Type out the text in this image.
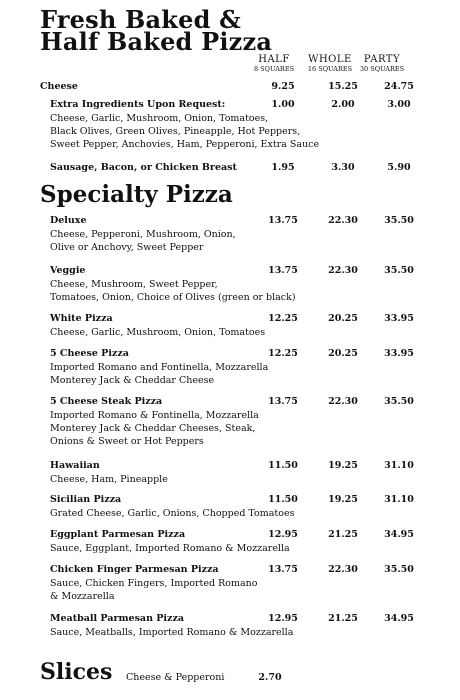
Fresh Baked &
Half Baked Pizza
HALF
8 SQUARES
WHOLE
16 SQUARES
PARTY
30 SQUARES
Cheese	9.25	15.25	24.75
Extra Ingredients Upon Request:	1.00	2.00	3.00
Cheese, Garlic, Mushroom, Onion, Tomatoes,
Black Olives, Green Olives, Pineapple, Hot Peppers,
Sweet Pepper, Anchovies, Ham, Pepperoni, Extra Sauce
Sausage, Bacon, or Chicken Breast	1.95	3.30	5.90
Specialty Pizza
Deluxe	13.75	22.30	35.50
Cheese, Pepperoni, Mushroom, Onion,
Olive or Anchovy, Sweet Pepper
Veggie	13.75	22.30	35.50
Cheese, Mushroom, Sweet Pepper,
Tomatoes, Onion, Choice of Olives (green or black)
White Pizza	12.25	20.25	33.95
Cheese, Garlic, Mushroom, Onion, Tomatoes
5 Cheese Pizza	12.25	20.25	33.95
Imported Romano and Fontinella, Mozzarella
Monterey Jack & Cheddar Cheese
5 Cheese Steak Pizza	13.75	22.30	35.50
Imported Romano & Fontinella, Mozzarella
Monterey Jack & Cheddar Cheeses, Steak,
Onions & Sweet or Hot Peppers
Hawaiian	11.50	19.25	31.10
Cheese, Ham, Pineapple
Sicilian Pizza	11.50	19.25	31.10
Grated Cheese, Garlic, Onions, Chopped Tomatoes
Eggplant Parmesan Pizza	12.95	21.25	34.95
Sauce, Eggplant, Imported Romano & Mozzarella
Chicken Finger Parmesan Pizza	13.75	22.30	35.50
Sauce, Chicken Fingers, Imported Romano
& Mozzarella
Meatball Parmesan Pizza	12.95	21.25	34.95
Sauce, Meatballs, Imported Romano & Mozzarella
Slices Cheese & Pepperoni	2.70
